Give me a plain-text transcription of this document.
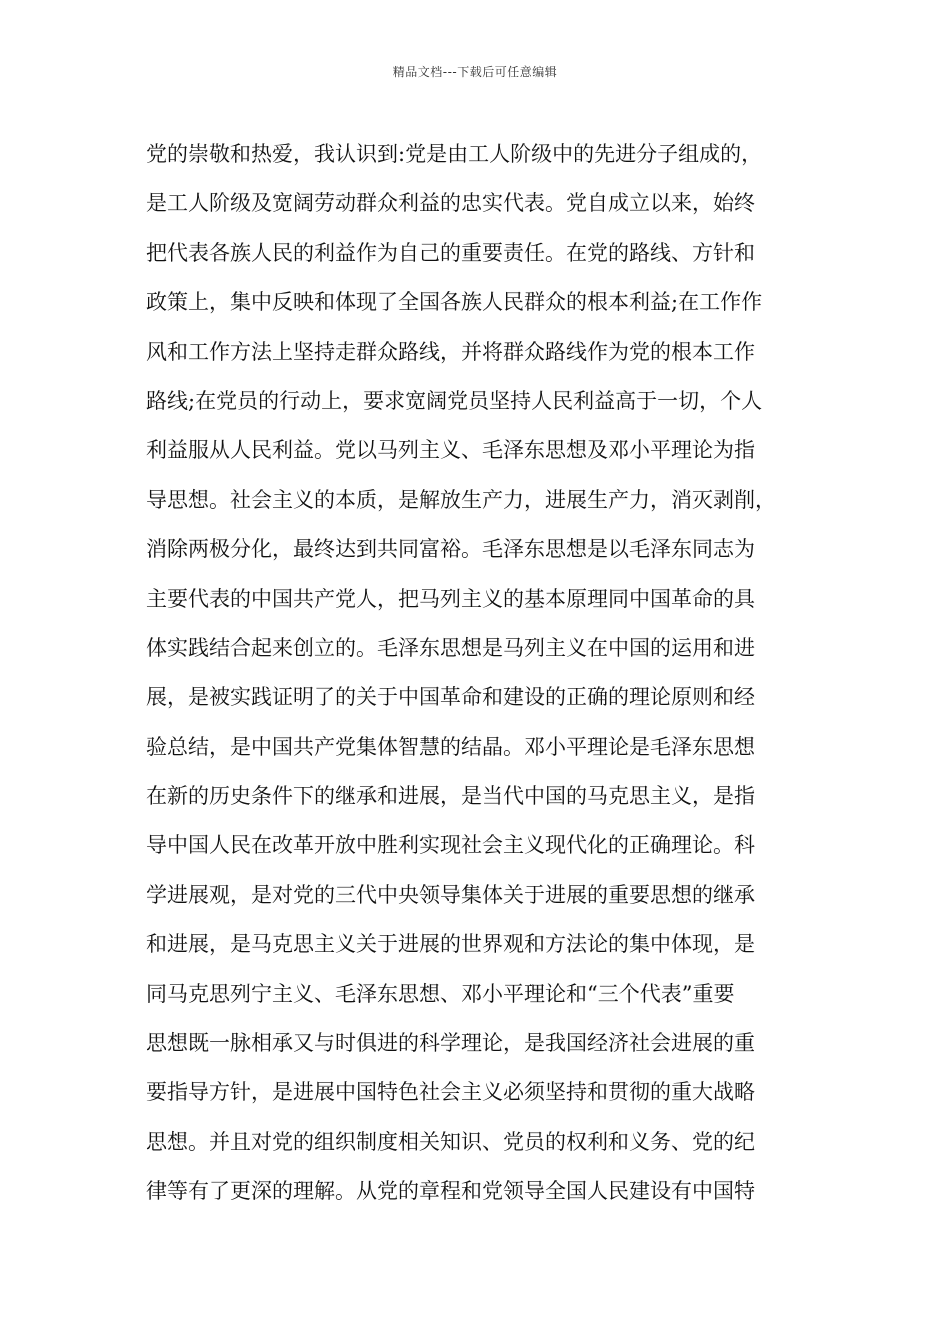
精品文档---下载后可任意编辑
党的崇敬和热爱，我认识到:党是由工人阶级中的先进分子组成的，
是工人阶级及宽阔劳动群众利益的忠实代表。党自成立以来，始终
把代表各族人民的利益作为自己的重要责任。在党的路线、方针和
政策上，集中反映和体现了全国各族人民群众的根本利益;在工作作
风和工作方法上坚持走群众路线，并将群众路线作为党的根本工作
路线;在党员的行动上，要求宽阔党员坚持人民利益高于一切，个人
利益服从人民利益。党以马列主义、毛泽东思想及邓小平理论为指
导思想。社会主义的本质，是解放生产力，进展生产力，消灭剥削，
消除两极分化，最终达到共同富裕。毛泽东思想是以毛泽东同志为
主要代表的中国共产党人，把马列主义的基本原理同中国革命的具
体实践结合起来创立的。毛泽东思想是马列主义在中国的运用和进
展，是被实践证明了的关于中国革命和建设的正确的理论原则和经
验总结，是中国共产党集体智慧的结晶。邓小平理论是毛泽东思想
在新的历史条件下的继承和进展，是当代中国的马克思主义，是指
导中国人民在改革开放中胜利实现社会主义现代化的正确理论。科
学进展观，是对党的三代中央领导集体关于进展的重要思想的继承
和进展，是马克思主义关于进展的世界观和方法论的集中体现，是
同马克思列宁主义、毛泽东思想、邓小平理论和“三个代表”重要
思想既一脉相承又与时俱进的科学理论，是我国经济社会进展的重
要指导方针，是进展中国特色社会主义必须坚持和贯彻的重大战略
思想。并且对党的组织制度相关知识、党员的权利和义务、党的纪
律等有了更深的理解。从党的章程和党领导全国人民建设有中国特
